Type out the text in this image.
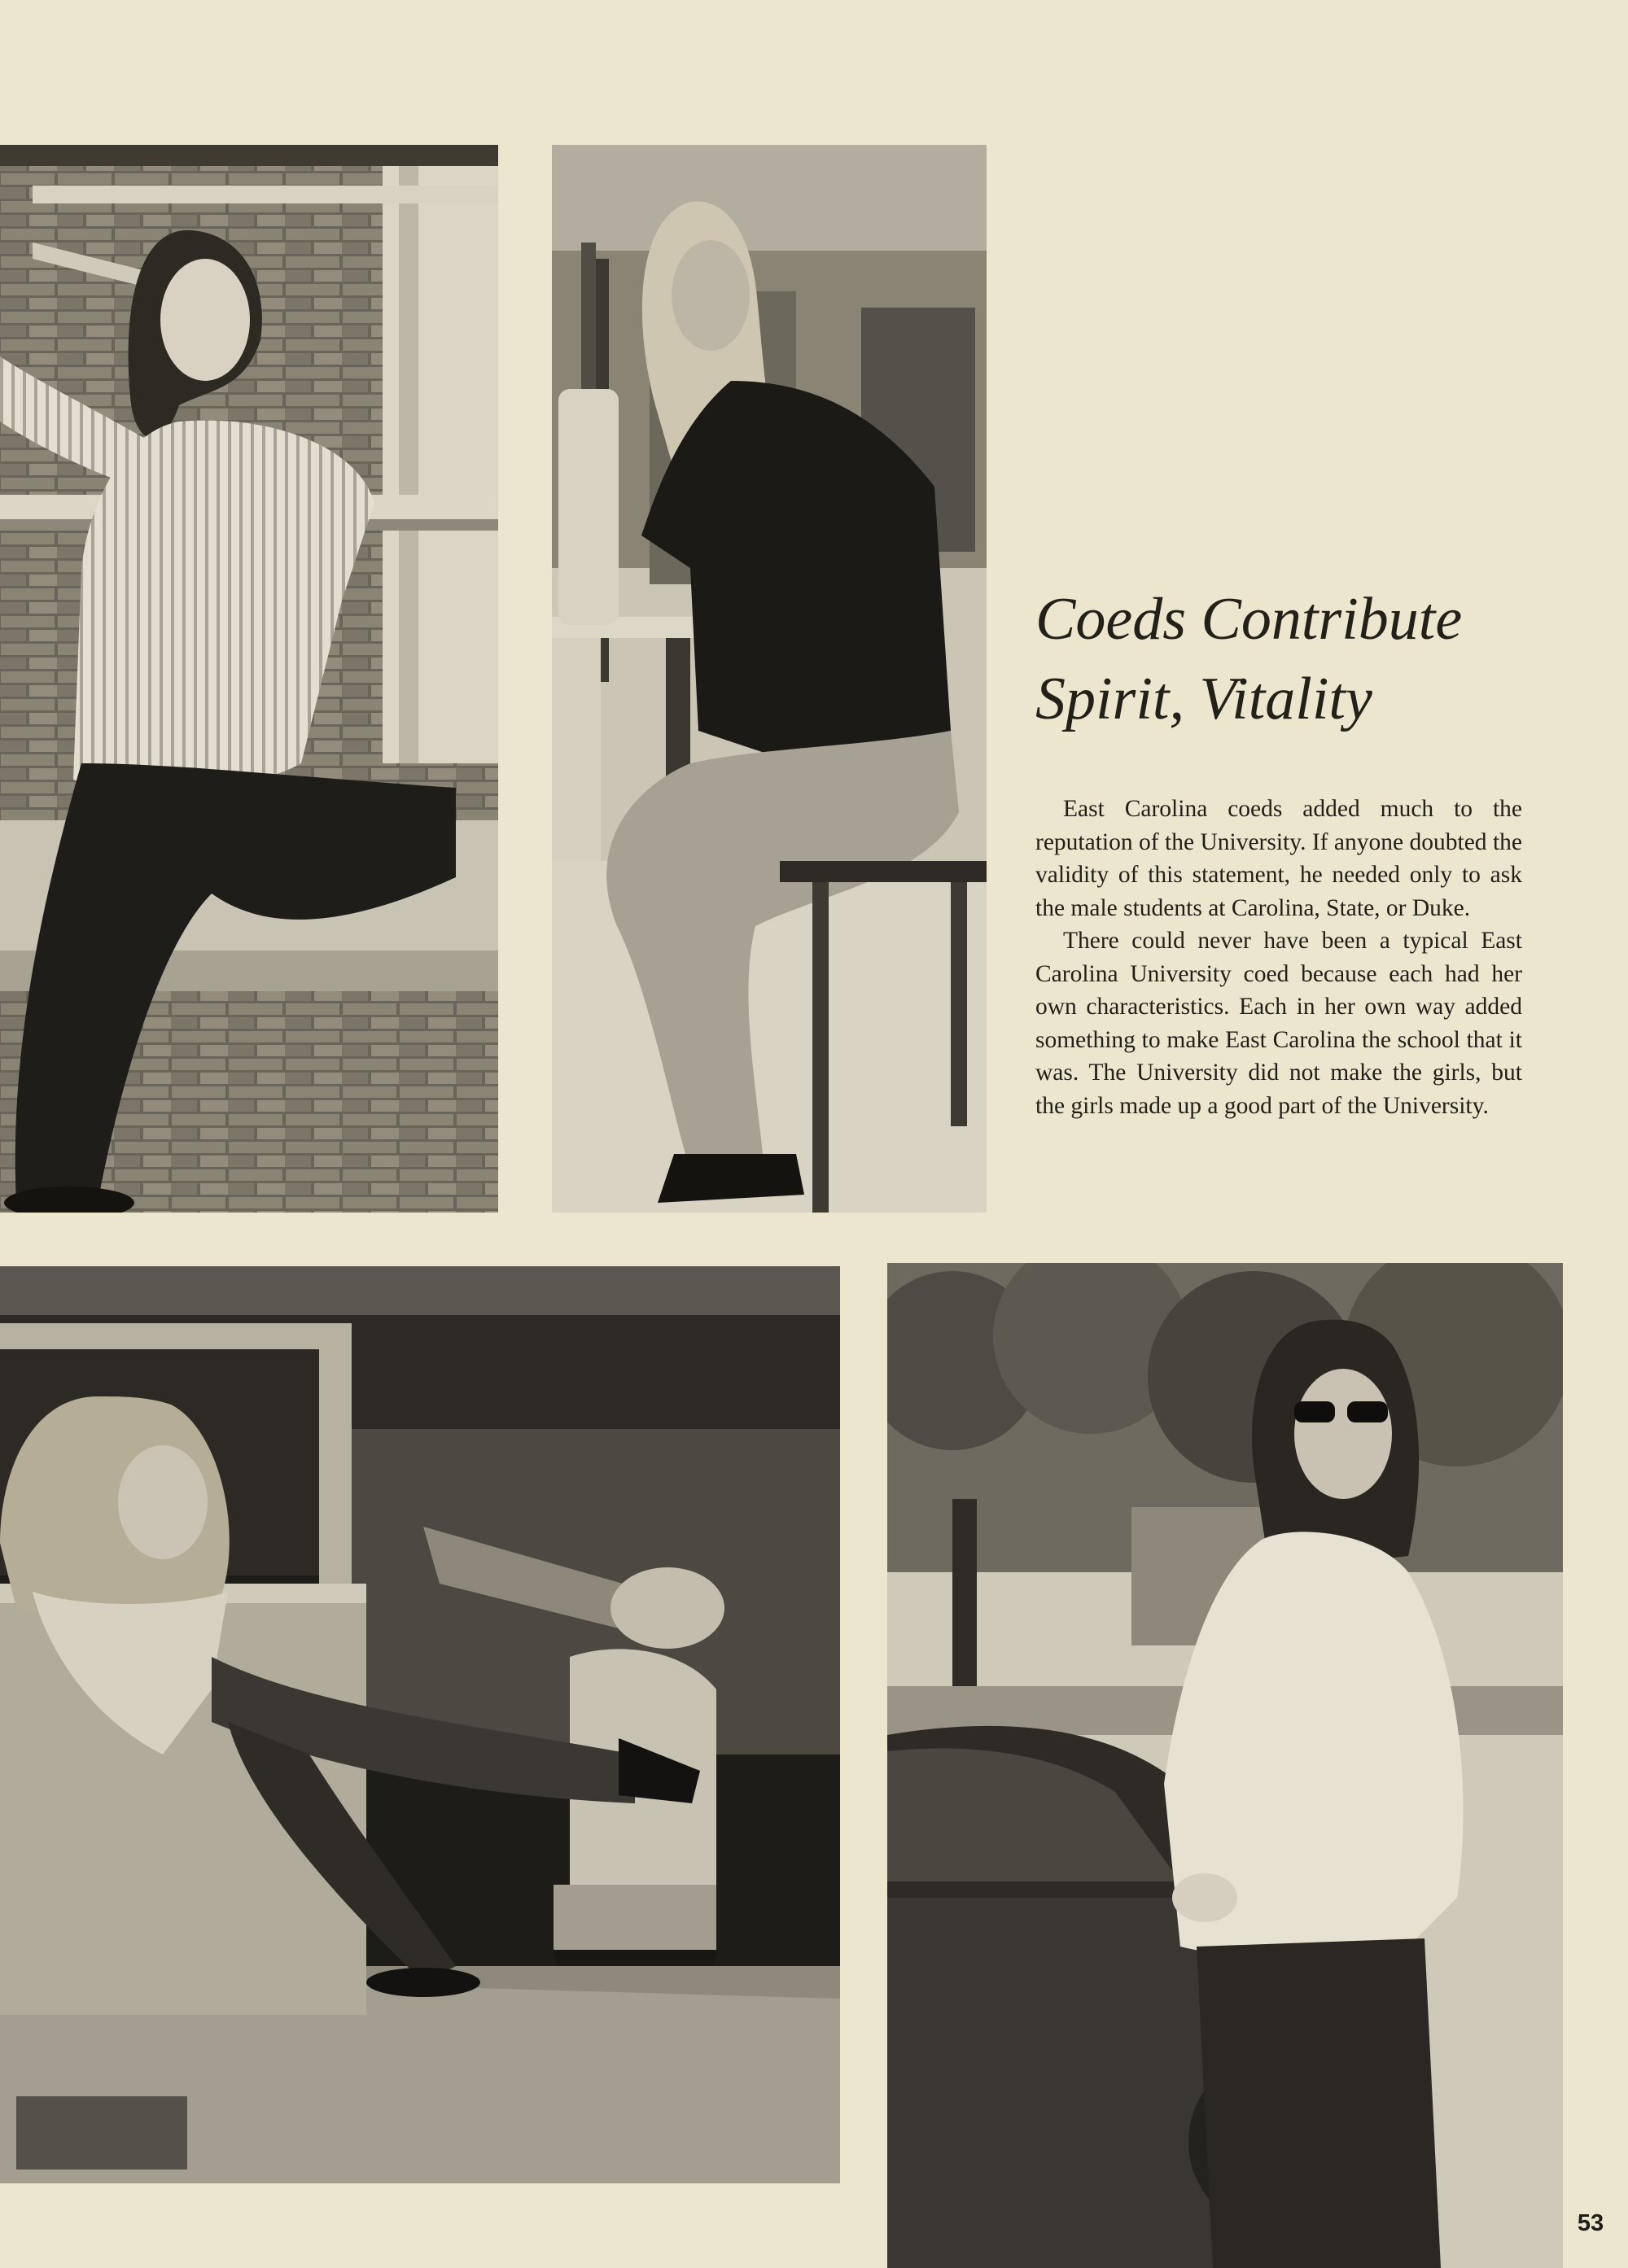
Coeds Contribute
Spirit, Vitality

East Carolina coeds added much to the reputation of the University. If anyone doubted the validity of this statement, he needed only to ask the male students at Carolina, State, or Duke.

There could never have been a typical East Carolina University coed because each had her own characteristics. Each in her own way added something to make East Carolina the school that it was. The University did not make the girls, but the girls made up a good part of the University.

53
